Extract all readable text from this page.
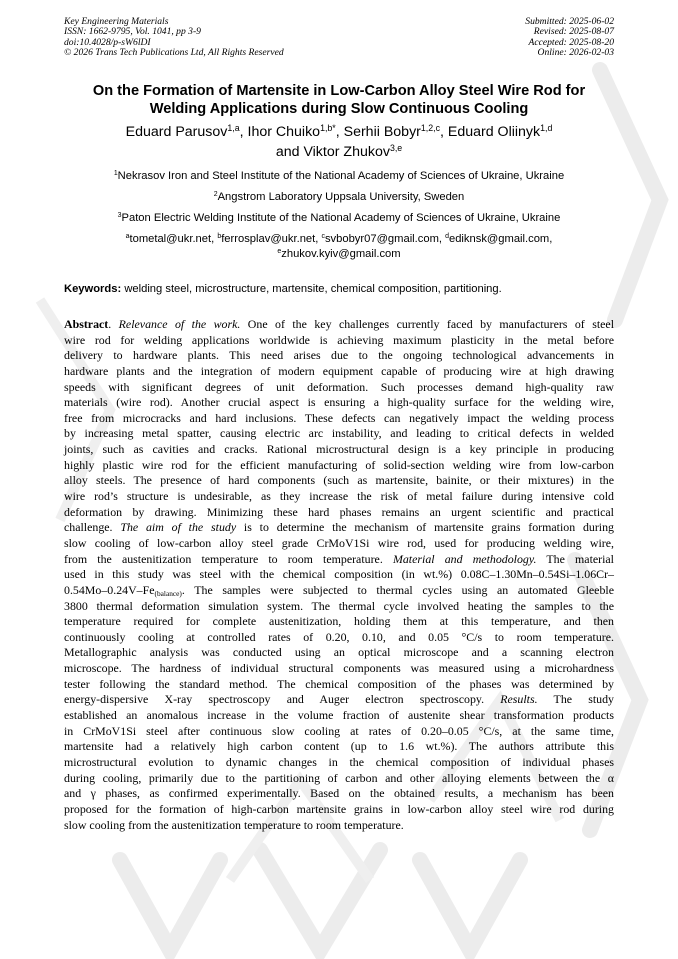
Key Engineering Materials
ISSN: 1662-9795, Vol. 1041, pp 3-9
doi:10.4028/p-sW6lDI
© 2026 Trans Tech Publications Ltd, All Rights Reserved
Submitted: 2025-06-02
Revised: 2025-08-07
Accepted: 2025-08-20
Online: 2026-02-03
On the Formation of Martensite in Low-Carbon Alloy Steel Wire Rod for
Welding Applications during Slow Continuous Cooling
Eduard Parusov$^{1,a}$, Ihor Chuiko$^{1,b*}$, Serhii Bobyr$^{1,2,c}$, Eduard Oliinyk$^{1,d}$
and Viktor Zhukov$^{3,e}$
$^1$Nekrasov Iron and Steel Institute of the National Academy of Sciences of Ukraine, Ukraine
$^2$Angstrom Laboratory Uppsala University, Sweden
$^3$Paton Electric Welding Institute of the National Academy of Sciences of Ukraine, Ukraine
$^a$tometal@ukr.net, $^b$ferrosplav@ukr.net, $^c$svbobyr07@gmail.com, $^d$ediknsk@gmail.com,
$^e$zhukov.kyiv@gmail.com
Keywords: welding steel, microstructure, martensite, chemical composition, partitioning.
Abstract. Relevance of the work. One of the key challenges currently faced by manufacturers of steel
wire rod for welding applications worldwide is achieving maximum plasticity in the metal before
delivery to hardware plants. This need arises due to the ongoing technological advancements in
hardware plants and the integration of modern equipment capable of producing wire at high drawing
speeds with significant degrees of unit deformation. Such processes demand high-quality raw
materials (wire rod). Another crucial aspect is ensuring a high-quality surface for the welding wire,
free from microcracks and hard inclusions. These defects can negatively impact the welding process
by increasing metal spatter, causing electric arc instability, and leading to critical defects in welded
joints, such as cavities and cracks. Rational microstructural design is a key principle in producing
highly plastic wire rod for the efficient manufacturing of solid-section welding wire from low-carbon
alloy steels. The presence of hard components (such as martensite, bainite, or their mixtures) in the
wire rod’s structure is undesirable, as they increase the risk of metal failure during intensive cold
deformation by drawing. Minimizing these hard phases remains an urgent scientific and practical
challenge. The aim of the study is to determine the mechanism of martensite grains formation during
slow cooling of low-carbon alloy steel grade CrMoV1Si wire rod, used for producing welding wire,
from the austenitization temperature to room temperature. Material and methodology. The material
used in this study was steel with the chemical composition (in wt.%) 0.08C–1.30Mn–0.54Si–1.06Cr–
$0.54Mo-0.24V-Fe_{(balance)}$. The samples were subjected to thermal cycles using an automated Gleeble
3800 thermal deformation simulation system. The thermal cycle involved heating the samples to the
temperature required for complete austenitization, holding them at this temperature, and then
continuously cooling at controlled rates of 0.20, 0.10, and 0.05 °C/s to room temperature.
Metallographic analysis was conducted using an optical microscope and a scanning electron
microscope. The hardness of individual structural components was measured using a microhardness
tester following the standard method. The chemical composition of the phases was determined by
energy-dispersive X-ray spectroscopy and Auger electron spectroscopy. Results. The study
established an anomalous increase in the volume fraction of austenite shear transformation products
in CrMoV1Si steel after continuous slow cooling at rates of 0.20–0.05 °C/s, at the same time,
martensite had a relatively high carbon content (up to 1.6 wt.%). The authors attribute this
microstructural evolution to dynamic changes in the chemical composition of individual phases
during cooling, primarily due to the partitioning of carbon and other alloying elements between the α
and γ phases, as confirmed experimentally. Based on the obtained results, a mechanism has been
proposed for the formation of high-carbon martensite grains in low-carbon alloy steel wire rod during
slow cooling from the austenitization temperature to room temperature.
